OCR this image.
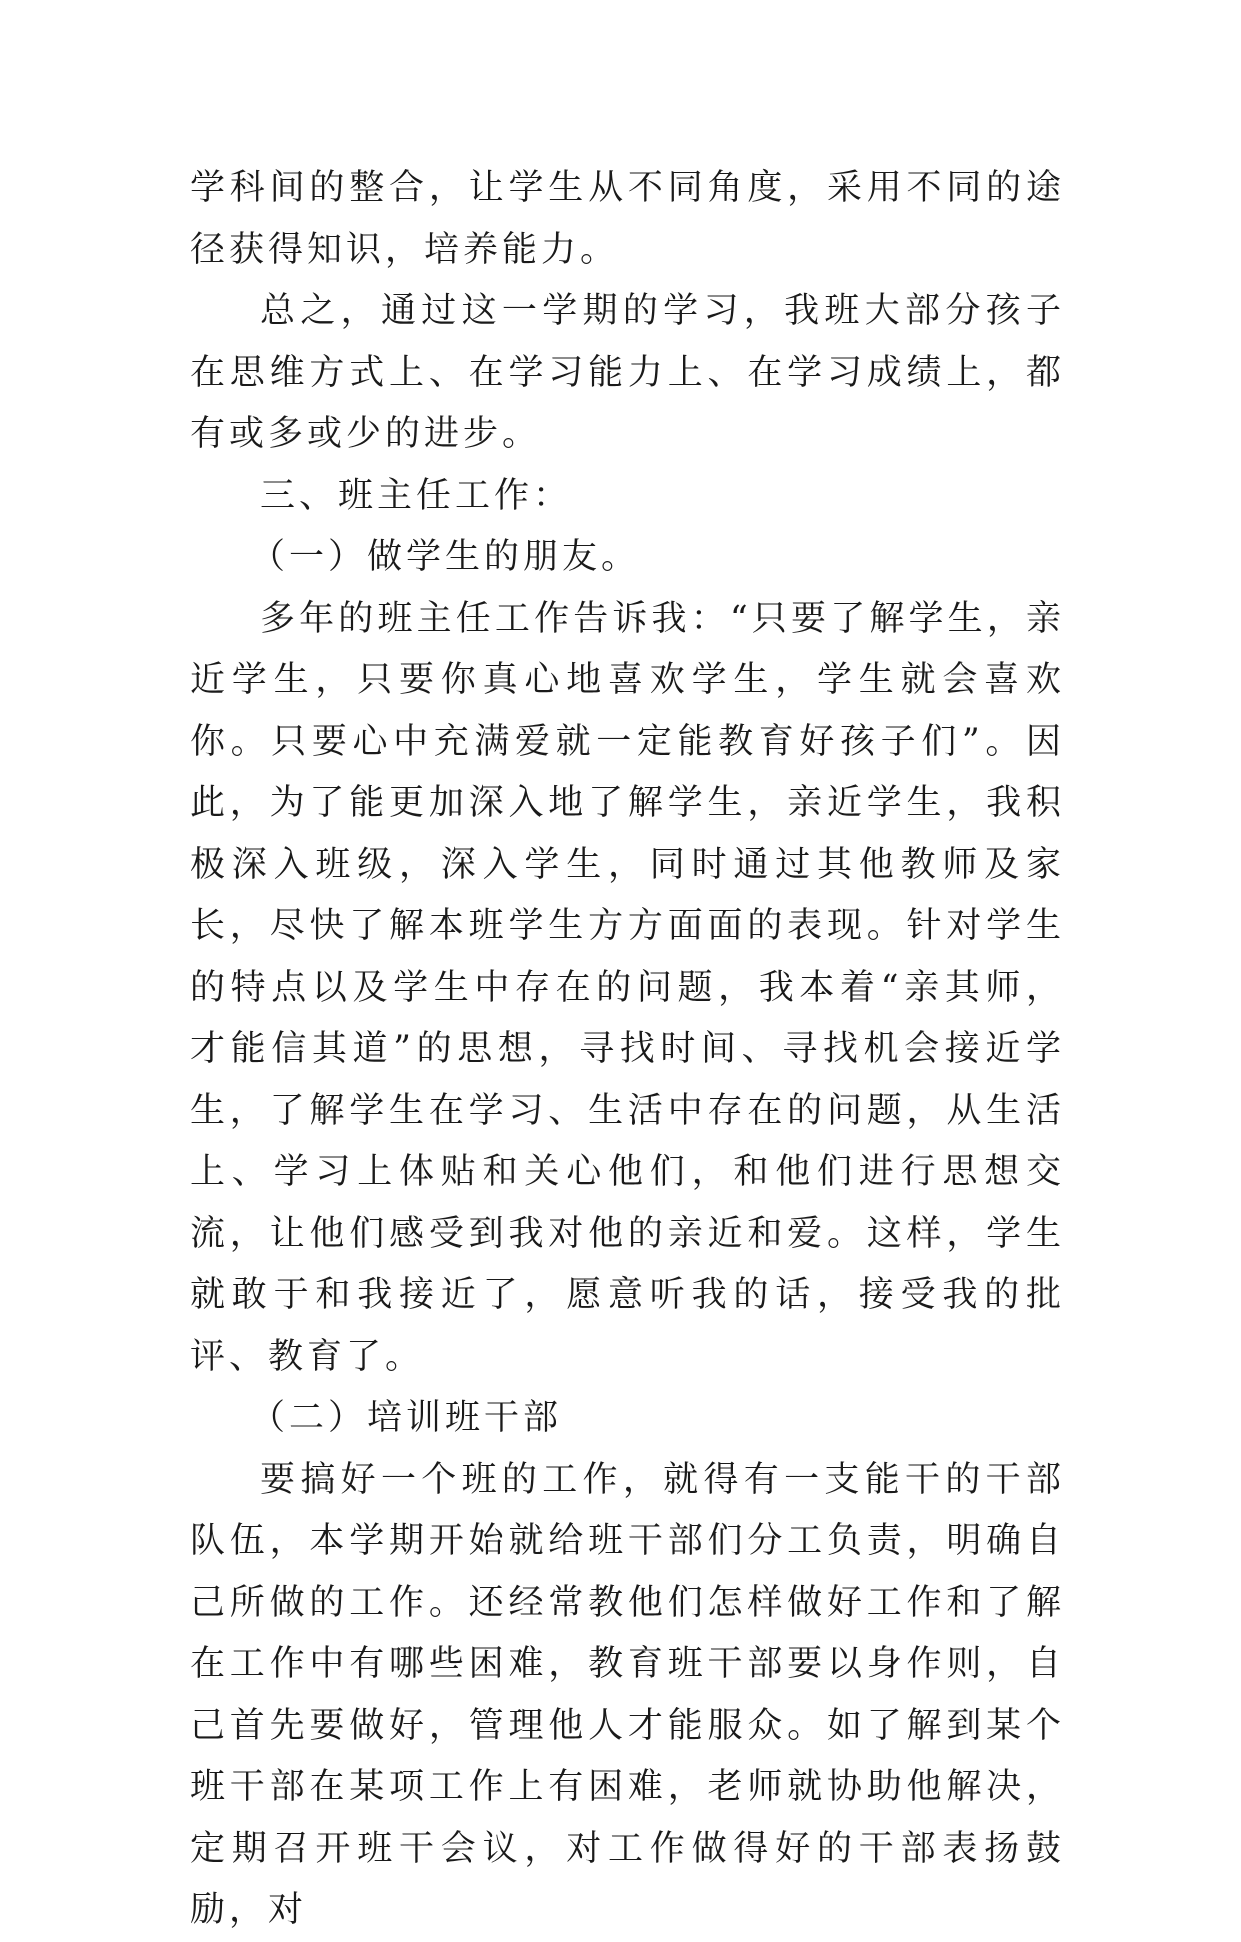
学科间的整合，让学生从不同角度，采用不同的途径获得知识，培养能力。

总之，通过这一学期的学习，我班大部分孩子在思维方式上、在学习能力上、在学习成绩上，都有或多或少的进步。

三、班主任工作：

（一）做学生的朋友。

多年的班主任工作告诉我：“只要了解学生，亲近学生，只要你真心地喜欢学生，学生就会喜欢你。只要心中充满爱就一定能教育好孩子们”。因此，为了能更加深入地了解学生，亲近学生，我积极深入班级，深入学生，同时通过其他教师及家长，尽快了解本班学生方方面面的表现。针对学生的特点以及学生中存在的问题，我本着“亲其师，才能信其道”的思想，寻找时间、寻找机会接近学生，了解学生在学习、生活中存在的问题，从生活上、学习上体贴和关心他们，和他们进行思想交流，让他们感受到我对他的亲近和爱。这样，学生就敢于和我接近了，愿意听我的话，接受我的批评、教育了。

（二）培训班干部

要搞好一个班的工作，就得有一支能干的干部队伍，本学期开始就给班干部们分工负责，明确自己所做的工作。还经常教他们怎样做好工作和了解在工作中有哪些困难，教育班干部要以身作则，自己首先要做好，管理他人才能服众。如了解到某个班干部在某项工作上有困难，老师就协助他解决，定期召开班干会议，对工作做得好的干部表扬鼓励，对
